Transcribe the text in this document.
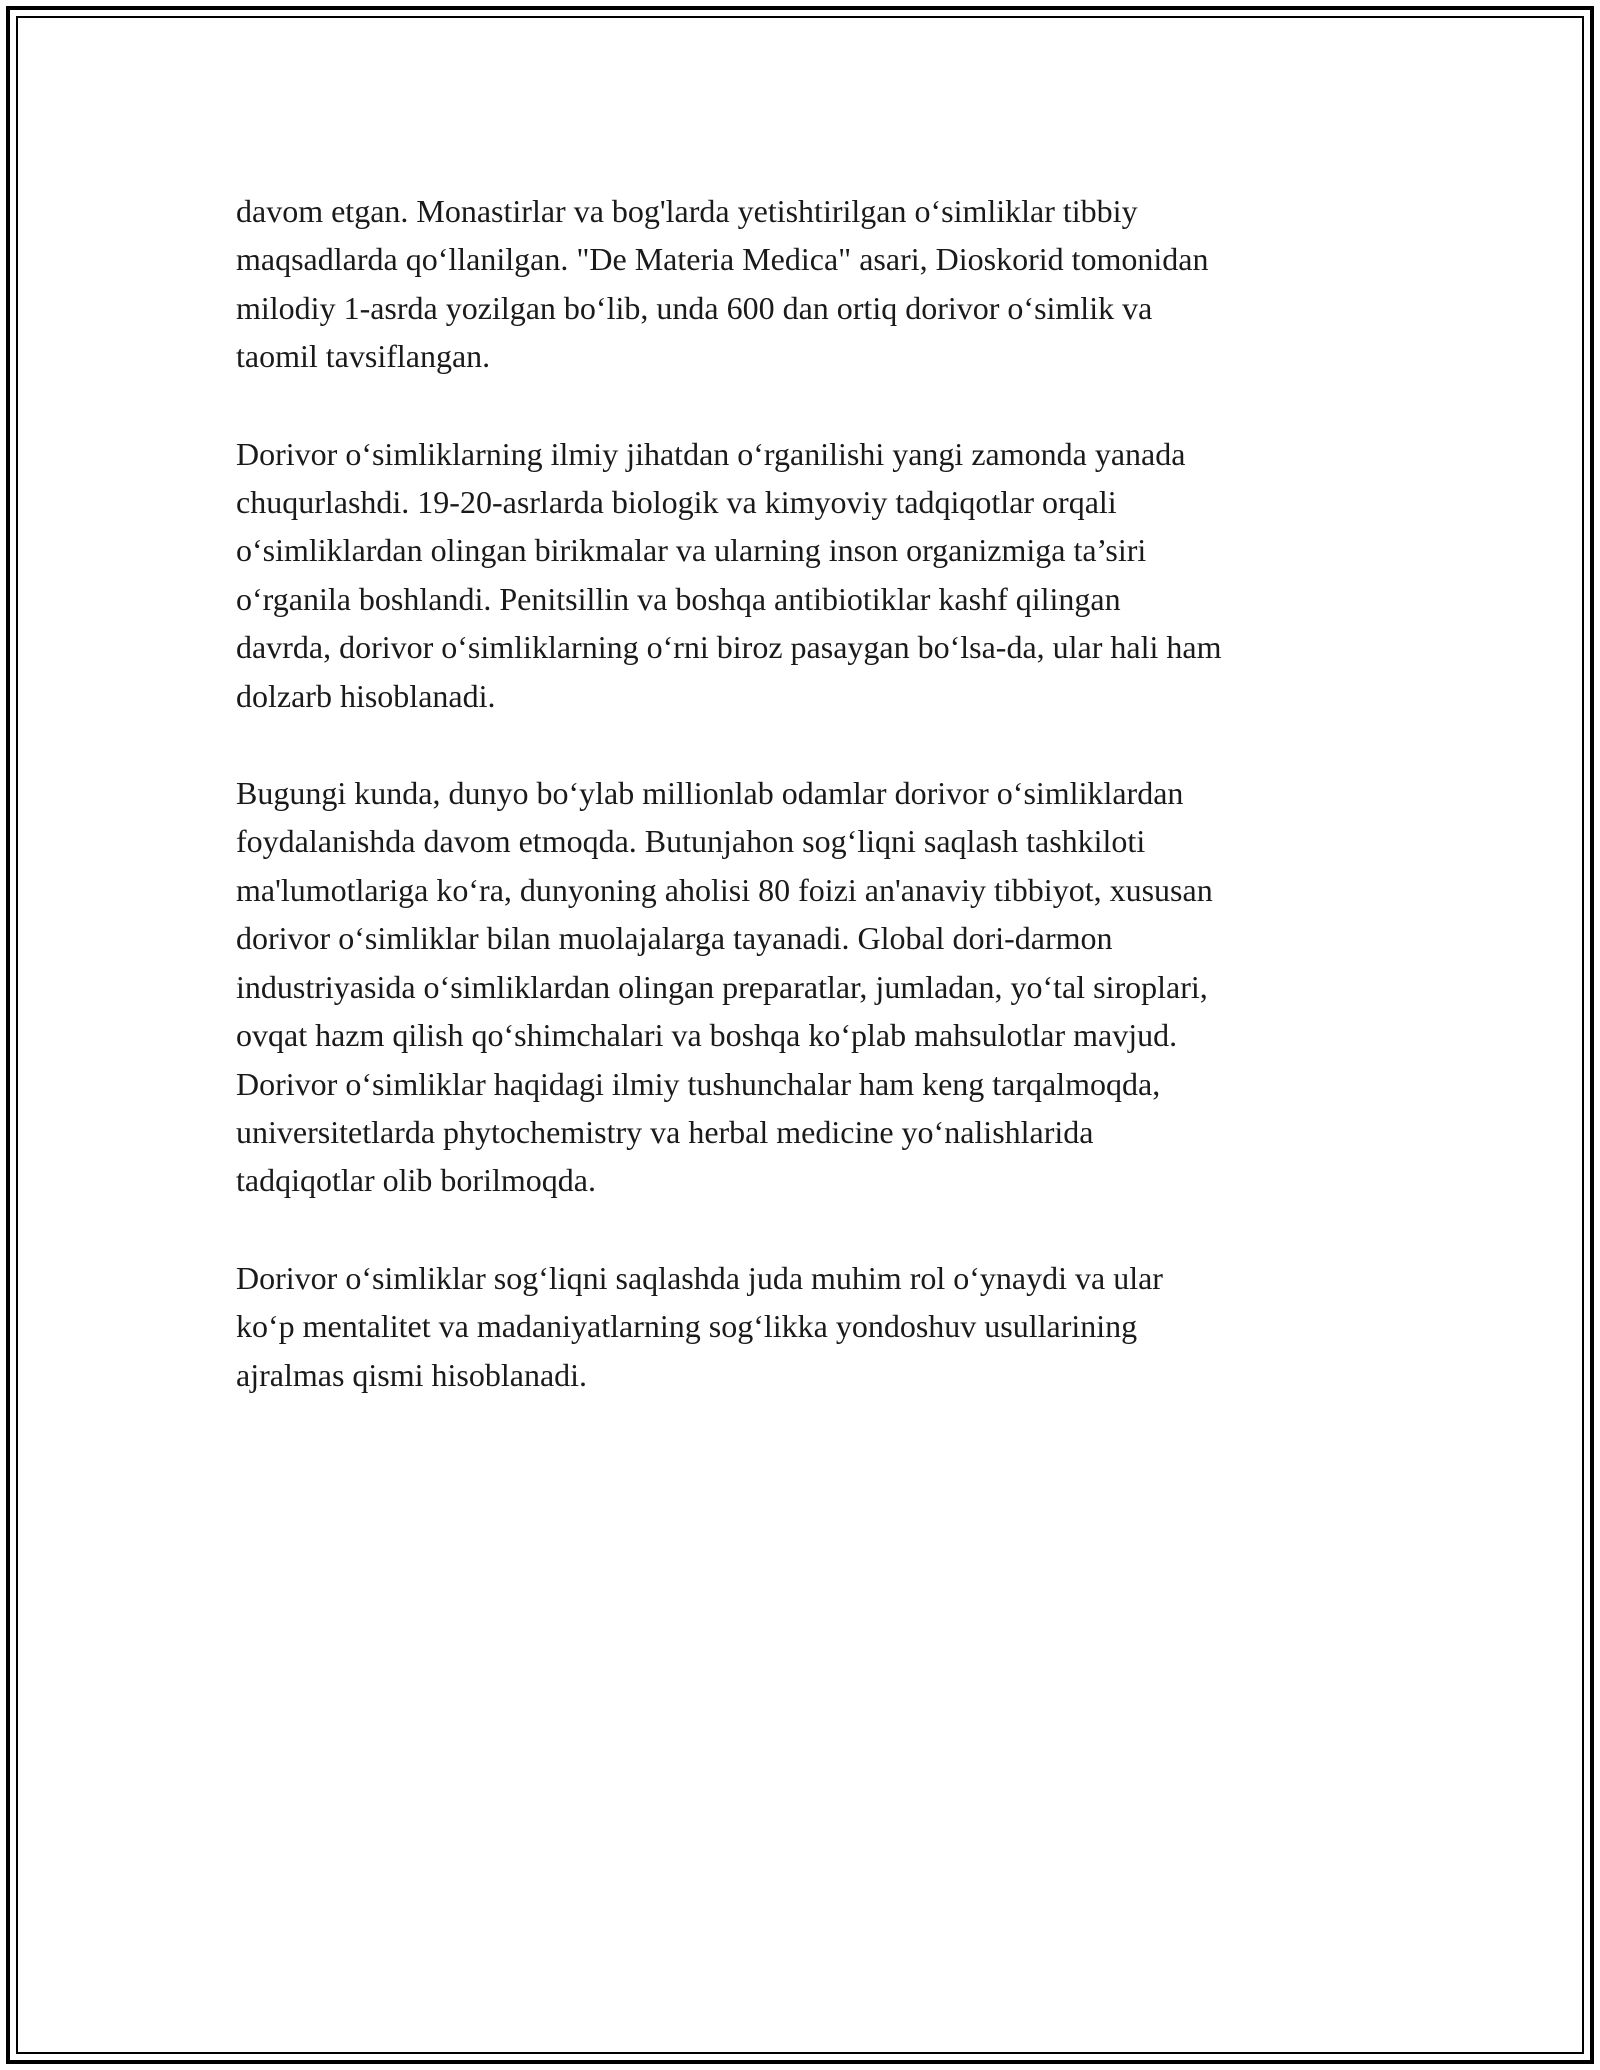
davom etgan. Monastirlar va bog'larda yetishtirilgan o‘simliklar tibbiy
maqsadlarda qo‘llanilgan. "De Materia Medica" asari, Dioskorid tomonidan
milodiy 1-asrda yozilgan bo‘lib, unda 600 dan ortiq dorivor o‘simlik va
taomil tavsiflangan.

Dorivor o‘simliklarning ilmiy jihatdan o‘rganilishi yangi zamonda yanada
chuqurlashdi. 19-20-asrlarda biologik va kimyoviy tadqiqotlar orqali
o‘simliklardan olingan birikmalar va ularning inson organizmiga ta’siri
o‘rganila boshlandi. Penitsillin va boshqa antibiotiklar kashf qilingan
davrda, dorivor o‘simliklarning o‘rni biroz pasaygan bo‘lsa-da, ular hali ham
dolzarb hisoblanadi.

Bugungi kunda, dunyo bo‘ylab millionlab odamlar dorivor o‘simliklardan
foydalanishda davom etmoqda. Butunjahon sog‘liqni saqlash tashkiloti
ma'lumotlariga ko‘ra, dunyoning aholisi 80 foizi an'anaviy tibbiyot, xususan
dorivor o‘simliklar bilan muolajalarga tayanadi. Global dori-darmon
industriyasida o‘simliklardan olingan preparatlar, jumladan, yo‘tal siroplari,
ovqat hazm qilish qo‘shimchalari va boshqa ko‘plab mahsulotlar mavjud.
Dorivor o‘simliklar haqidagi ilmiy tushunchalar ham keng tarqalmoqda,
universitetlarda phytochemistry va herbal medicine yo‘nalishlarida
tadqiqotlar olib borilmoqda.

Dorivor o‘simliklar sog‘liqni saqlashda juda muhim rol o‘ynaydi va ular
ko‘p mentalitet va madaniyatlarning sog‘likka yondoshuv usullarining
ajralmas qismi hisoblanadi.
